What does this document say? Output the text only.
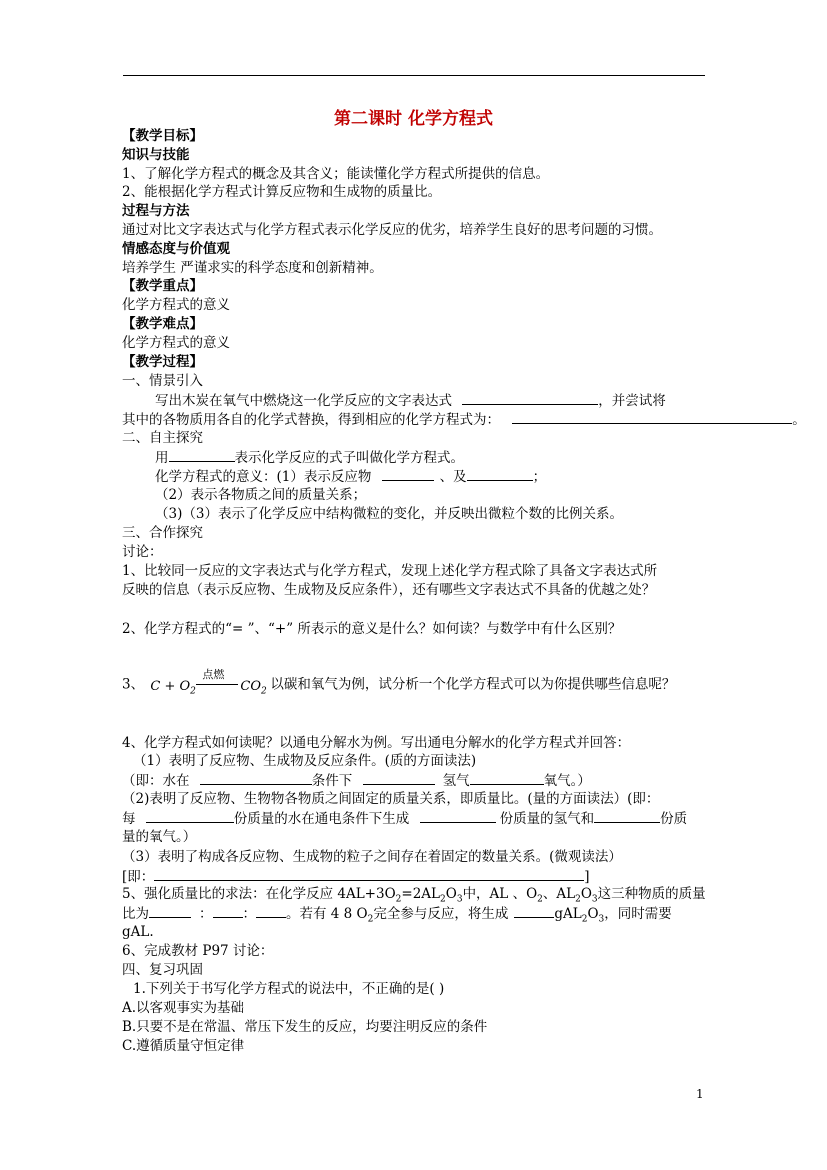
第二课时 化学方程式
【教学目标】
知识与技能
1、了解化学方程式的概念及其含义；能读懂化学方程式所提供的信息。
2、能根据化学方程式计算反应物和生成物的质量比。
过程与方法
通过对比文字表达式与化学方程式表示化学反应的优劣，培养学生良好的思考问题的习惯。
情感态度与价值观
培养学生 严谨求实的科学态度和创新精神。
【教学重点】
化学方程式的意义
【教学难点】
化学方程式的意义
【教学过程】
一、情景引入
写出木炭在氧气中燃烧这一化学反应的文字表达式	，并尝试将
其中的各物质用各自的化学式替换，得到相应的化学方程式为：	。
二、自主探究
用	表示化学反应的式子叫做化学方程式。
化学方程式的意义：(1）表示反应物	、及	；
（2）表示各物质之间的质量关系；
（3)（3）表示了化学反应中结构微粒的变化，并反映出微粒个数的比例关系。
三、合作探究
讨论：
1、比较同一反应的文字表达式与化学方程式，发现上述化学方程式除了具备文字表达式所
反映的信息（表示反应物、生成物及反应条件），还有哪些文字表达式不具备的优越之处？
2、化学方程式的“= ”、“+” 所表示的意义是什么？如何读？与数学中有什么区别？
3、 $C + O_2$
点燃
$CO_2$ 以碳和氧气为例，试分析一个化学方程式可以为你提供哪些信息呢？
4、化学方程式如何读呢？以通电分解水为例。写出通电分解水的化学方程式并回答：
（1）表明了反应物、生成物及反应条件。(质的方面读法)
（即：水在	条件下	氢气	氧气。）
（2)表明了反应物、生物物各物质之间固定的质量关系，即质量比。(量的方面读法）(即：
每	份质量的水在通电条件下生成	份质量的氢气和	份质
量的氧气。）
（3）表明了构成各反应物、生成物的粒子之间存在着固定的数量关系。(微观读法）
[即：	]
5、强化质量比的求法：在化学反应 $4AL+3O_2=2AL_2O_3$中，AL 、$O_2$、$AL_2O_3$这三种物质的质量
比为	： ： 。若有 4 8 $O_2$完全参与反应，将生成	$gAL_2O_3$，同时需要
gAL.
6、完成教材 P97 讨论：
四、复习巩固
1.下列关于书写化学方程式的说法中，不正确的是( )
A.以客观事实为基础
B.只要不是在常温、常压下发生的反应，均要注明反应的条件
C.遵循质量守恒定律
1
